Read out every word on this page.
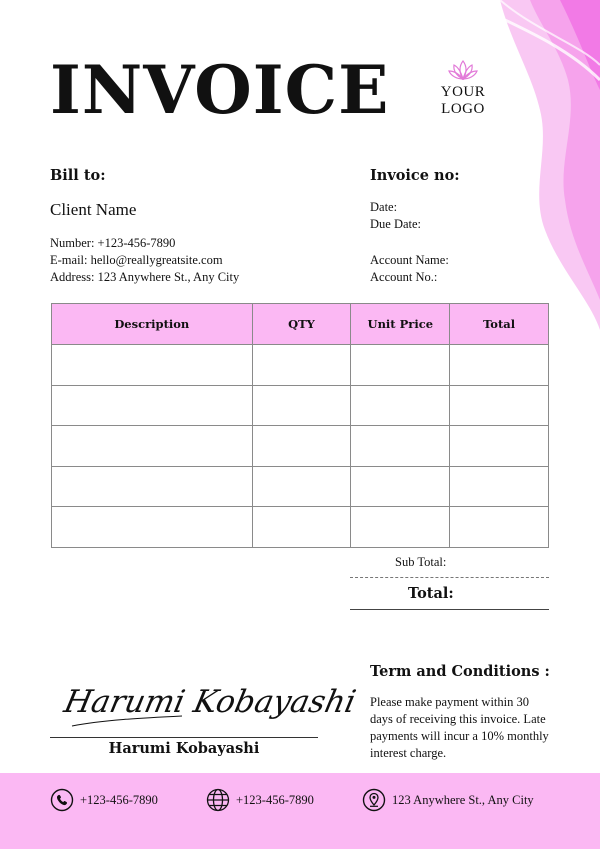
INVOICE	YOUR LOGO
Bill to:
Client Name
Number: +123-456-7890
E-mail: hello@reallygreatsite.com
Address: 123 Anywhere St., Any City
Invoice no:
Date:
Due Date:
Account Name:
Account No.:
Description	QTY	Unit Price	Total

Sub Total:
Total:
Term and Conditions :
Please make payment within 30 days of receiving this invoice. Late payments will incur a 10% monthly interest charge.
Harumi Kobayashi
Harumi Kobayashi
+123-456-7890	+123-456-7890	123 Anywhere St., Any City
